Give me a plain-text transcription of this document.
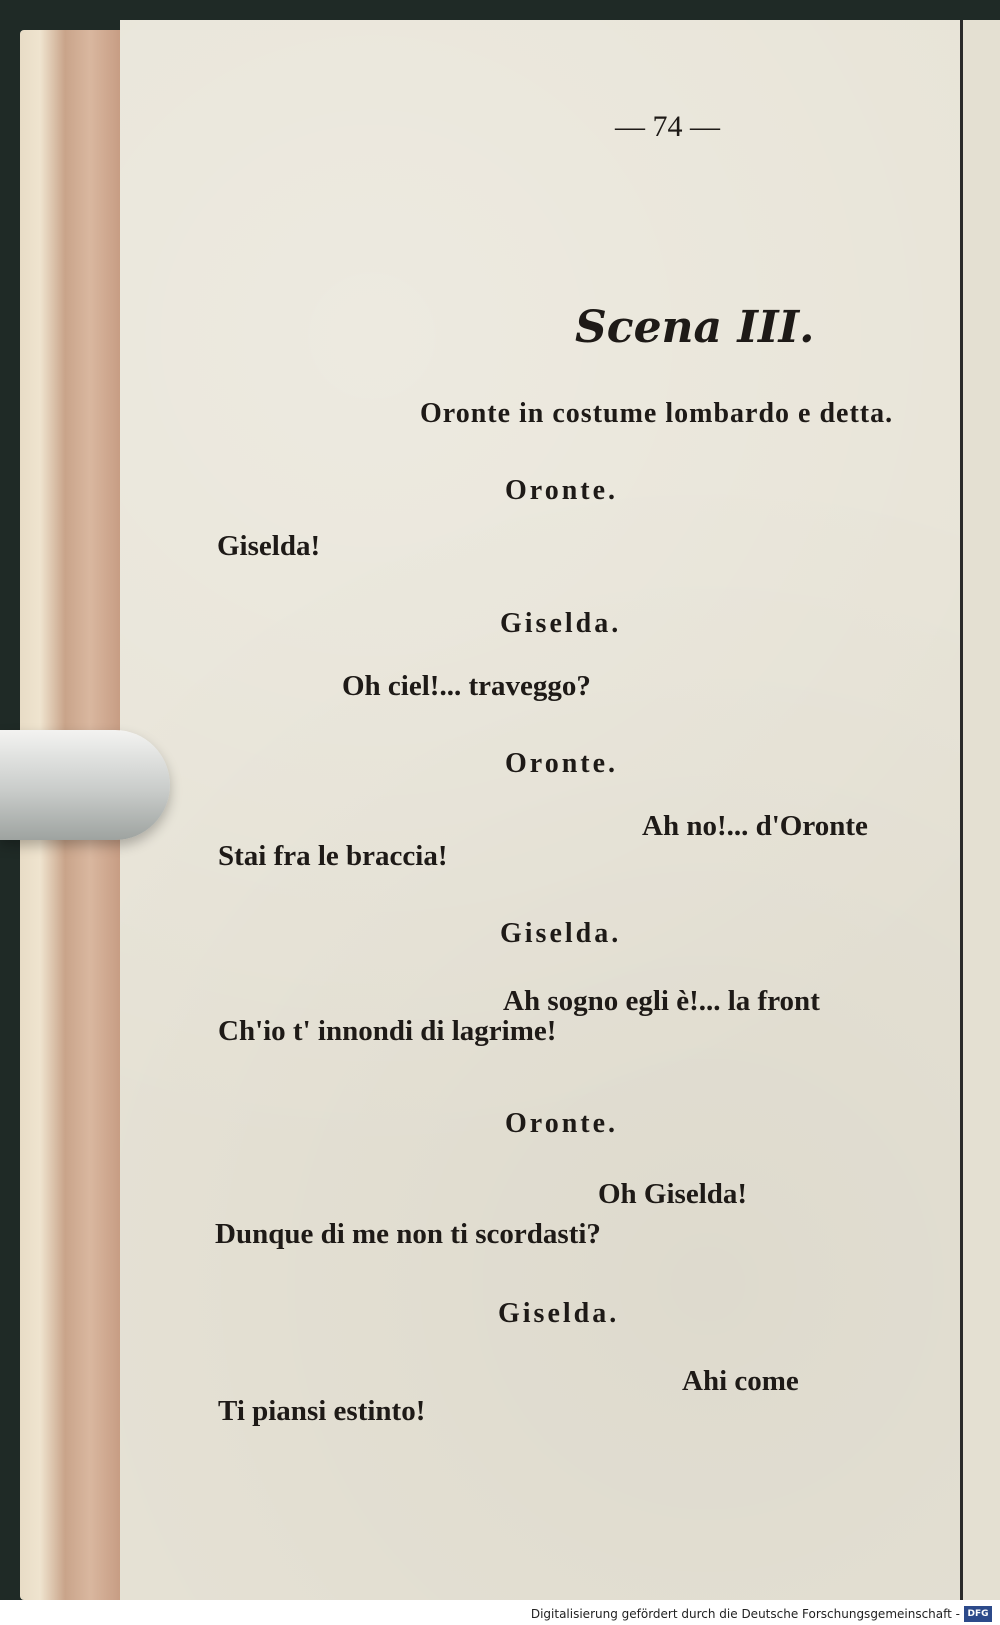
— 74 —
Scena III.
Oronte in costume lombardo e detta.
Oronte.
Giselda!
Giselda.
Oh ciel!... traveggo?
Oronte.
Ah no!... d'Oronte
Stai fra le braccia!
Giselda.
Ah sogno egli è!... la front
Ch'io t' innondi di lagrime!
Oronte.
Oh Giselda!
Dunque di me non ti scordasti?
Giselda.
Ahi come
Ti piansi estinto!
Digitalisierung gefördert durch die Deutsche Forschungsgemeinschaft - DFG
